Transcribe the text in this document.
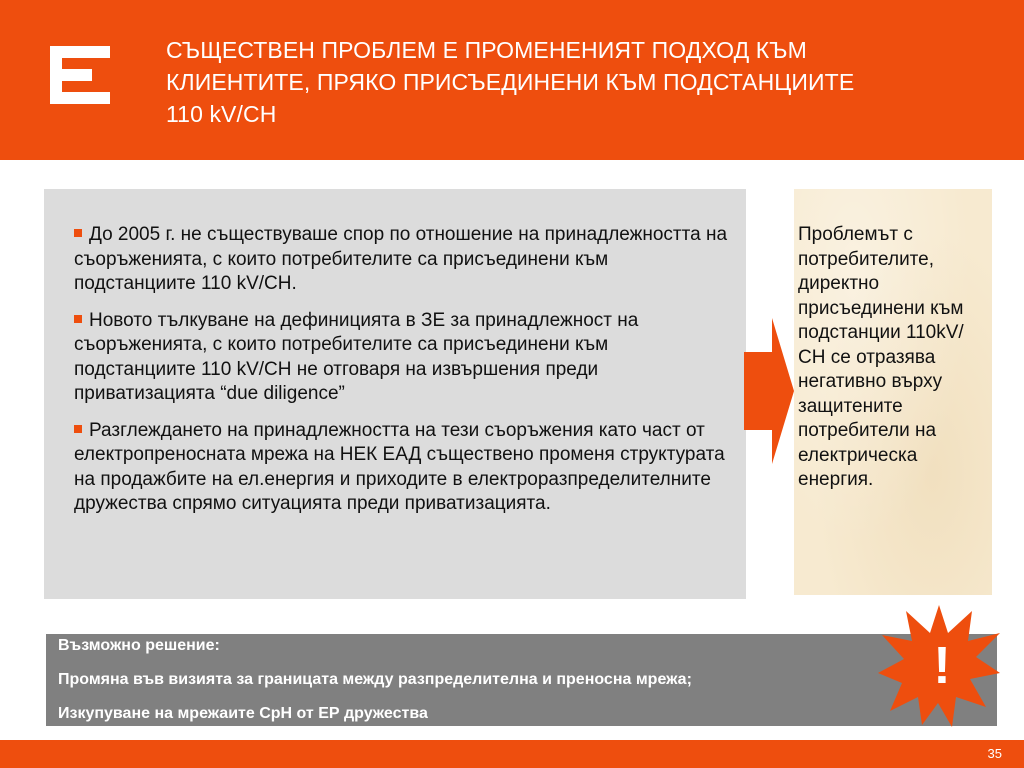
СЪЩЕСТВЕН ПРОБЛЕМ Е ПРОМЕНЕНИЯТ ПОДХОД КЪМ
КЛИЕНТИТЕ, ПРЯКО ПРИСЪЕДИНЕНИ КЪМ ПОДСТАНЦИИТЕ
110 kV/СН
До 2005 г. не съществуваше спор по отношение на принадлежността на съоръженията, с които потребителите са присъединени към подстанциите 110 kV/СН.
Новото тълкуване на дефиницията в ЗЕ за принадлежност на съоръженията, с които потребителите са присъединени към подстанциите 110 kV/СН не отговаря на извършения преди приватизацията “due diligence”
Разглеждането на принадлежността на тези съоръжения като част от електропреносната мрежа на НЕК ЕАД съществено променя структурата на продажбите на ел.енергия и приходите в електроразпределителните дружества спрямо ситуацията преди приватизацията.
Проблемът с потребителите, директно присъединени към подстанции 110kV/СН се отразява негативно върху защитените потребители на електрическа енергия.
Възможно решение:
Промяна във визията за границата между разпределителна и преносна мрежа;
Изкупуване на мрежаите СрН от ЕР дружества
!
35
